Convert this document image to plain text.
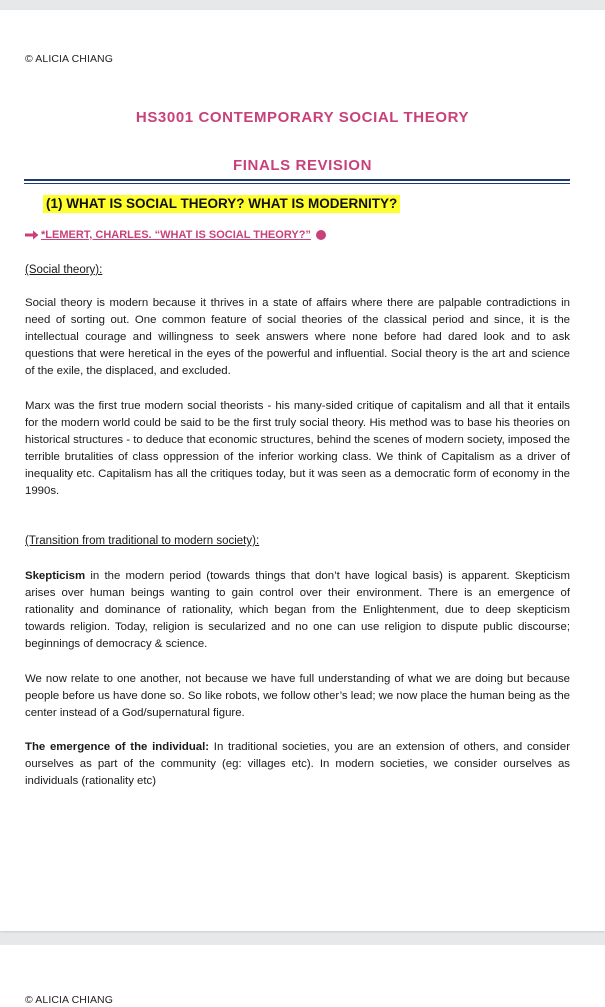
© ALICIA CHIANG
HS3001 CONTEMPORARY SOCIAL THEORY
FINALS REVISION
(1) WHAT IS SOCIAL THEORY? WHAT IS MODERNITY?
*LEMERT, CHARLES. “WHAT IS SOCIAL THEORY?”
(Social theory):
Social theory is modern because it thrives in a state of affairs where there are palpable contradictions in need of sorting out. One common feature of social theories of the classical period and since, it is the intellectual courage and willingness to seek answers where none before had dared look and to ask questions that were heretical in the eyes of the powerful and influential. Social theory is the art and science of the exile, the displaced, and excluded.
Marx was the first true modern social theorists - his many-sided critique of capitalism and all that it entails for the modern world could be said to be the first truly social theory. His method was to base his theories on historical structures - to deduce that economic structures, behind the scenes of modern society, imposed the terrible brutalities of class oppression of the inferior working class. We think of Capitalism as a driver of inequality etc. Capitalism has all the critiques today, but it was seen as a democratic form of economy in the 1990s.
(Transition from traditional to modern society):
Skepticism in the modern period (towards things that don’t have logical basis) is apparent. Skepticism arises over human beings wanting to gain control over their environment. There is an emergence of rationality and dominance of rationality, which began from the Enlightenment, due to deep skepticism towards religion. Today, religion is secularized and no one can use religion to dispute public discourse; beginnings of democracy & science.
We now relate to one another, not because we have full understanding of what we are doing but because people before us have done so. So like robots, we follow other’s lead; we now place the human being as the center instead of a God/supernatural figure.
The emergence of the individual: In traditional societies, you are an extension of others, and consider ourselves as part of the community (eg: villages etc). In modern societies, we consider ourselves as individuals (rationality etc)
© ALICIA CHIANG
